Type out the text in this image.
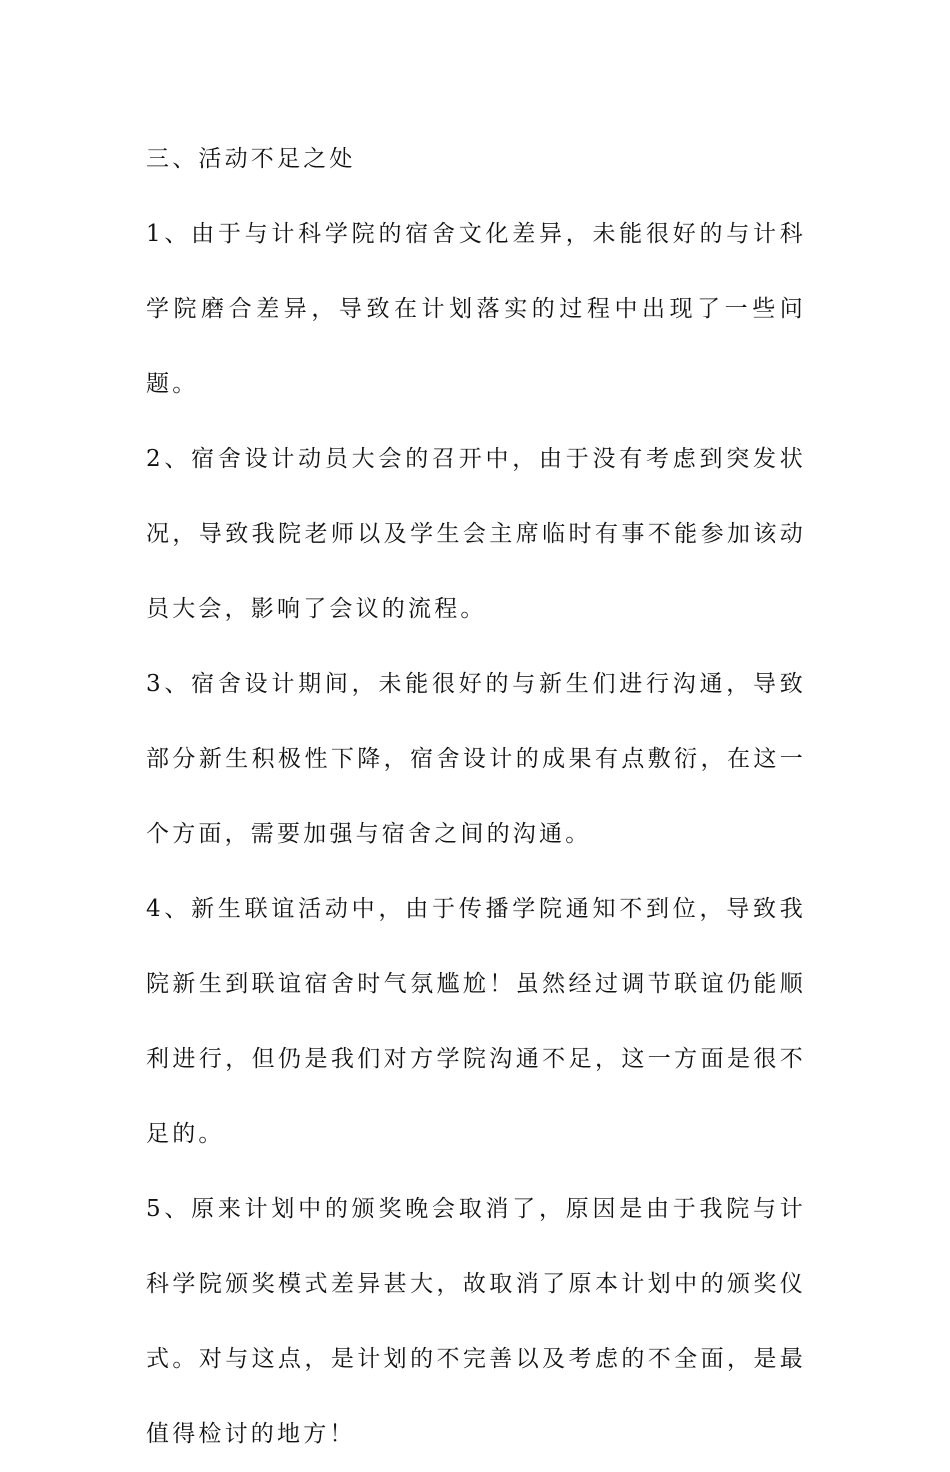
三、活动不足之处

1、由于与计科学院的宿舍文化差异，未能很好的与计科学院磨合差异，导致在计划落实的过程中出现了一些问题。

2、宿舍设计动员大会的召开中，由于没有考虑到突发状况，导致我院老师以及学生会主席临时有事不能参加该动员大会，影响了会议的流程。

3、宿舍设计期间，未能很好的与新生们进行沟通，导致部分新生积极性下降，宿舍设计的成果有点敷衍，在这一个方面，需要加强与宿舍之间的沟通。

4、新生联谊活动中，由于传播学院通知不到位，导致我院新生到联谊宿舍时气氛尴尬！虽然经过调节联谊仍能顺利进行，但仍是我们对方学院沟通不足，这一方面是很不足的。

5、原来计划中的颁奖晚会取消了，原因是由于我院与计科学院颁奖模式差异甚大，故取消了原本计划中的颁奖仪式。对与这点，是计划的不完善以及考虑的不全面，是最值得检讨的地方！
